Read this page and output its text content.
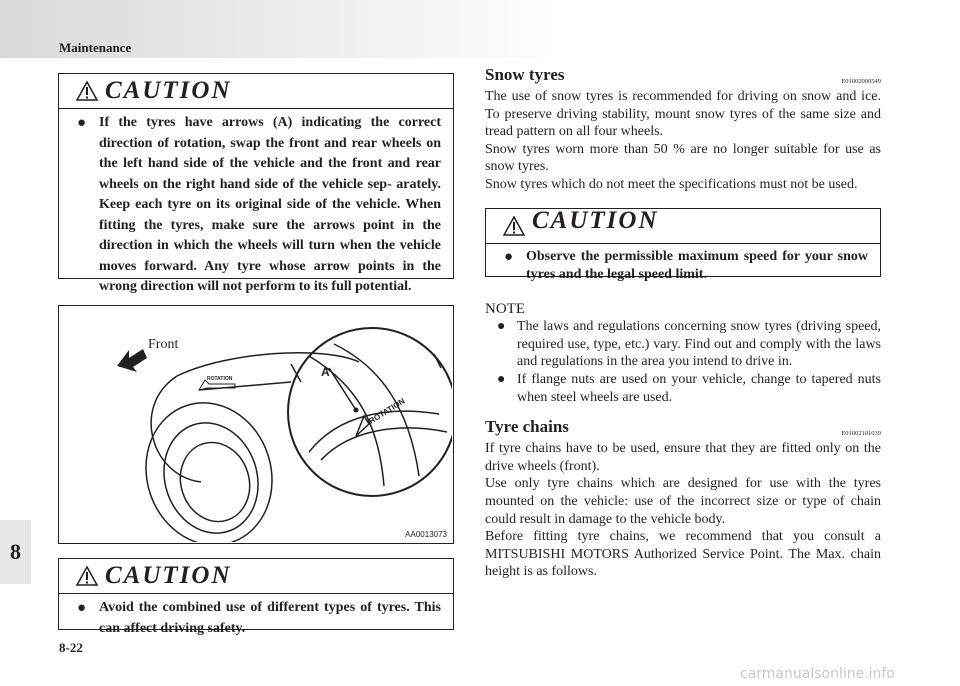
Maintenance
8
8-22
CAUTION
● If the tyres have arrows (A) indicating the correct direction of rotation, swap the front and rear wheels on the left hand side of the vehicle and the front and rear wheels on the right hand side of the vehicle sep- arately. Keep each tyre on its original side of the vehicle. When fitting the tyres, make sure the arrows point in the direction in which the wheels will turn when the vehicle moves forward. Any tyre whose arrow points in the wrong direction will not perform to its full potential.
ROTATION
ROTATION
Front
A
AA0013073
CAUTION
● Avoid the combined use of different types of tyres. This can affect driving safety.
Snow tyres	E01002000549

The use of snow tyres is recommended for driving on snow and ice. To preserve driving stability, mount snow tyres of the same size and tread pattern on all four wheels.

Snow tyres worn more than 50 % are no longer suitable for use as snow tyres.

Snow tyres which do not meet the specifications must not be used.

CAUTION
● Observe the permissible maximum speed for your snow tyres and the legal speed limit.
NOTE

● The laws and regulations concerning snow tyres (driving speed, required use, type, etc.) vary. Find out and comply with the laws and regulations in the area you intend to drive in.

● If flange nuts are used on your vehicle, change to tapered nuts when steel wheels are used.

Tyre chains	E01002101039

If tyre chains have to be used, ensure that they are fitted only on the drive wheels (front).

Use only tyre chains which are designed for use with the tyres mounted on the vehicle: use of the incorrect size or type of chain could result in damage to the vehicle body.

Before fitting tyre chains, we recommend that you consult a MITSUBISHI MOTORS Authorized Service Point. The Max. chain height is as follows.

carmanualsonline.info
